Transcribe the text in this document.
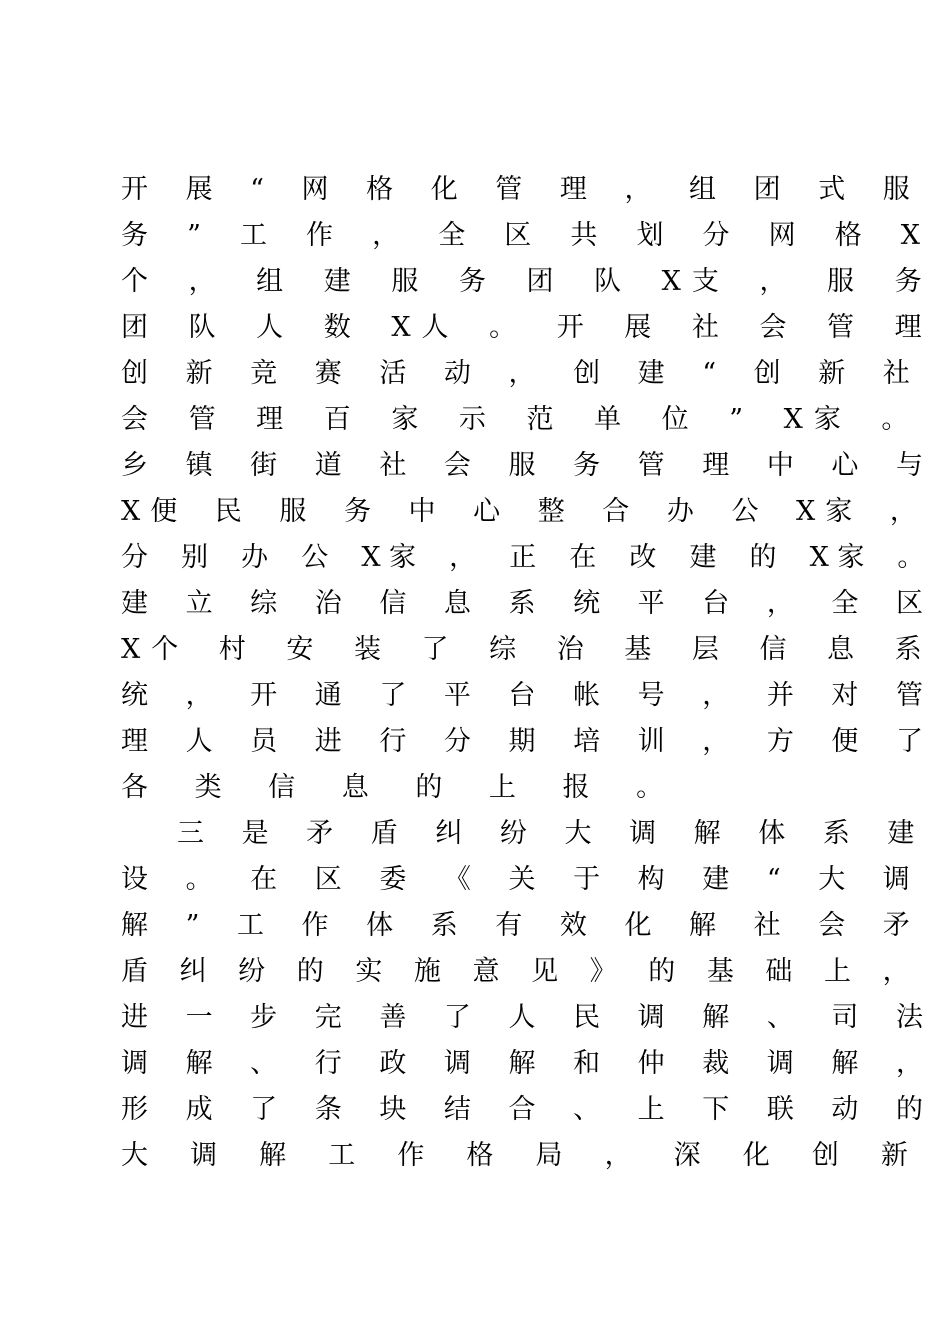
开 展 “ 网 格 化 管 理 ， 组 团 式 服

务 ” 工 作 ， 全 区 共 划 分 网 格 X

个 ， 组 建 服 务 团 队 X支 ， 服 务

团 队 人 数 X人 。 开 展 社 会 管 理

创 新 竞 赛 活 动 ， 创 建 “ 创 新 社

会 管 理 百 家 示 范 单 位 ” X家 。

乡 镇 街 道 社 会 服 务 管 理 中 心 与

X便 民 服 务 中 心 整 合 办 公 X家 ，

分 别 办 公 X家 ， 正 在 改 建 的 X家 。

建 立 综 治 信 息 系 统 平 台 ， 全 区

X个 村 安 装 了 综 治 基 层 信 息 系

统 ， 开 通 了 平 台 帐 号 ， 并 对 管

理 人 员 进 行 分 期 培 训 ， 方 便 了

各 类 信 息 的 上 报 。

三 是 矛 盾 纠 纷 大 调 解 体 系 建

设 。 在 区 委 《 关 于 构 建 “ 大 调

解 ” 工 作 体 系 有 效 化 解 社 会 矛

盾 纠 纷 的 实 施 意 见 》 的 基 础 上 ，

进 一 步 完 善 了 人 民 调 解 、 司 法

调 解 、 行 政 调 解 和 仲 裁 调 解 ，

形 成 了 条 块 结 合 、 上 下 联 动 的

大 调 解 工 作 格 局 ， 深 化 创 新
